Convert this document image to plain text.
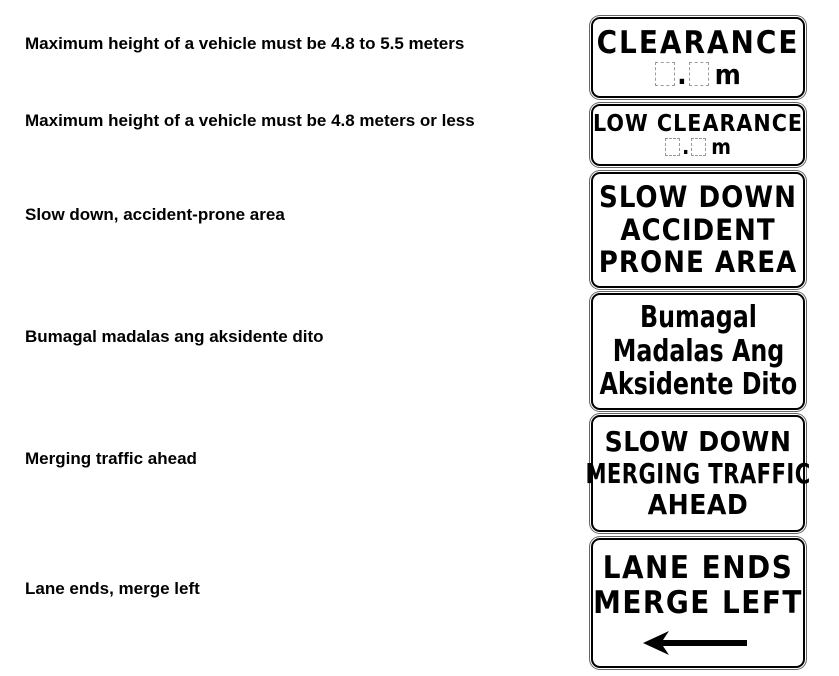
Maximum height of a vehicle must be 4.8 to 5.5 meters	CLEARANCE
. m
Maximum height of a vehicle must be 4.8 meters or less	LOW CLEARANCE
. m
Slow down, accident-prone area
SLOW DOWN
ACCIDENT
PRONE AREA
Bumagal madalas ang aksidente dito
Bumagal
Madalas Ang
Aksidente Dito
Merging traffic ahead
SLOW DOWN
MERGING TRAFFIC
AHEAD
Lane ends, merge left
LANE ENDS
MERGE LEFT
